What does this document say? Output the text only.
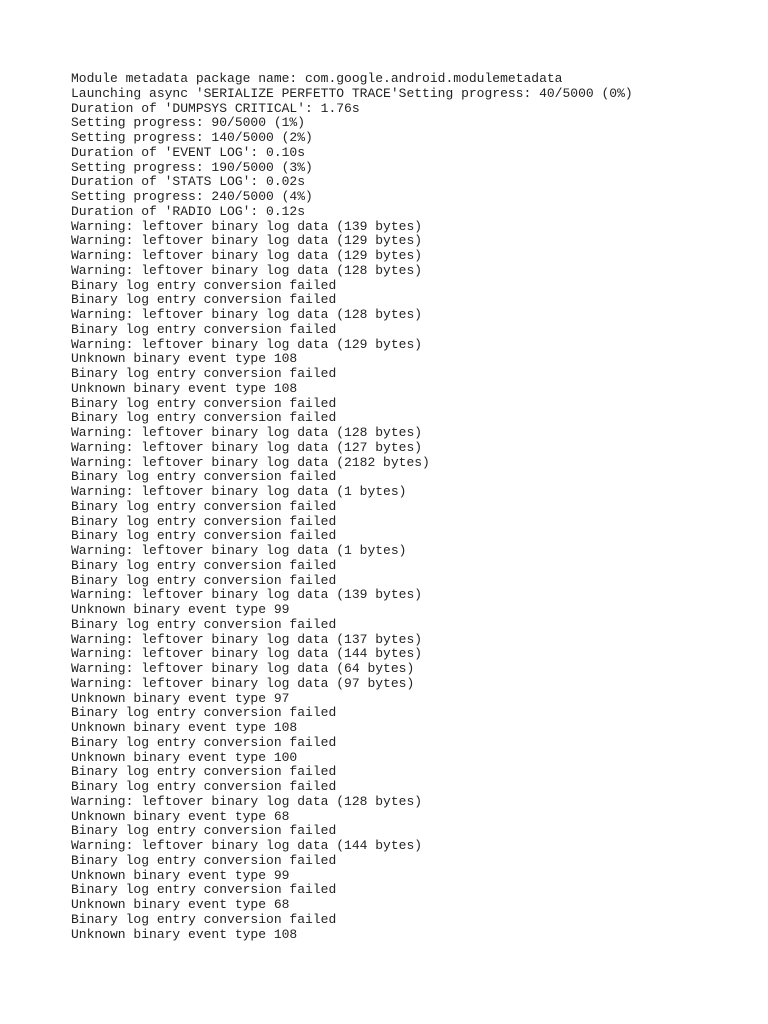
Module metadata package name: com.google.android.modulemetadata
Launching async 'SERIALIZE PERFETTO TRACE'Setting progress: 40/5000 (0%)
Duration of 'DUMPSYS CRITICAL': 1.76s
Setting progress: 90/5000 (1%)
Setting progress: 140/5000 (2%)
Duration of 'EVENT LOG': 0.10s
Setting progress: 190/5000 (3%)
Duration of 'STATS LOG': 0.02s
Setting progress: 240/5000 (4%)
Duration of 'RADIO LOG': 0.12s
Warning: leftover binary log data (139 bytes)
Warning: leftover binary log data (129 bytes)
Warning: leftover binary log data (129 bytes)
Warning: leftover binary log data (128 bytes)
Binary log entry conversion failed
Binary log entry conversion failed
Warning: leftover binary log data (128 bytes)
Binary log entry conversion failed
Warning: leftover binary log data (129 bytes)
Unknown binary event type 108
Binary log entry conversion failed
Unknown binary event type 108
Binary log entry conversion failed
Binary log entry conversion failed
Warning: leftover binary log data (128 bytes)
Warning: leftover binary log data (127 bytes)
Warning: leftover binary log data (2182 bytes)
Binary log entry conversion failed
Warning: leftover binary log data (1 bytes)
Binary log entry conversion failed
Binary log entry conversion failed
Binary log entry conversion failed
Warning: leftover binary log data (1 bytes)
Binary log entry conversion failed
Binary log entry conversion failed
Warning: leftover binary log data (139 bytes)
Unknown binary event type 99
Binary log entry conversion failed
Warning: leftover binary log data (137 bytes)
Warning: leftover binary log data (144 bytes)
Warning: leftover binary log data (64 bytes)
Warning: leftover binary log data (97 bytes)
Unknown binary event type 97
Binary log entry conversion failed
Unknown binary event type 108
Binary log entry conversion failed
Unknown binary event type 100
Binary log entry conversion failed
Binary log entry conversion failed
Warning: leftover binary log data (128 bytes)
Unknown binary event type 68
Binary log entry conversion failed
Warning: leftover binary log data (144 bytes)
Binary log entry conversion failed
Unknown binary event type 99
Binary log entry conversion failed
Unknown binary event type 68
Binary log entry conversion failed
Unknown binary event type 108
